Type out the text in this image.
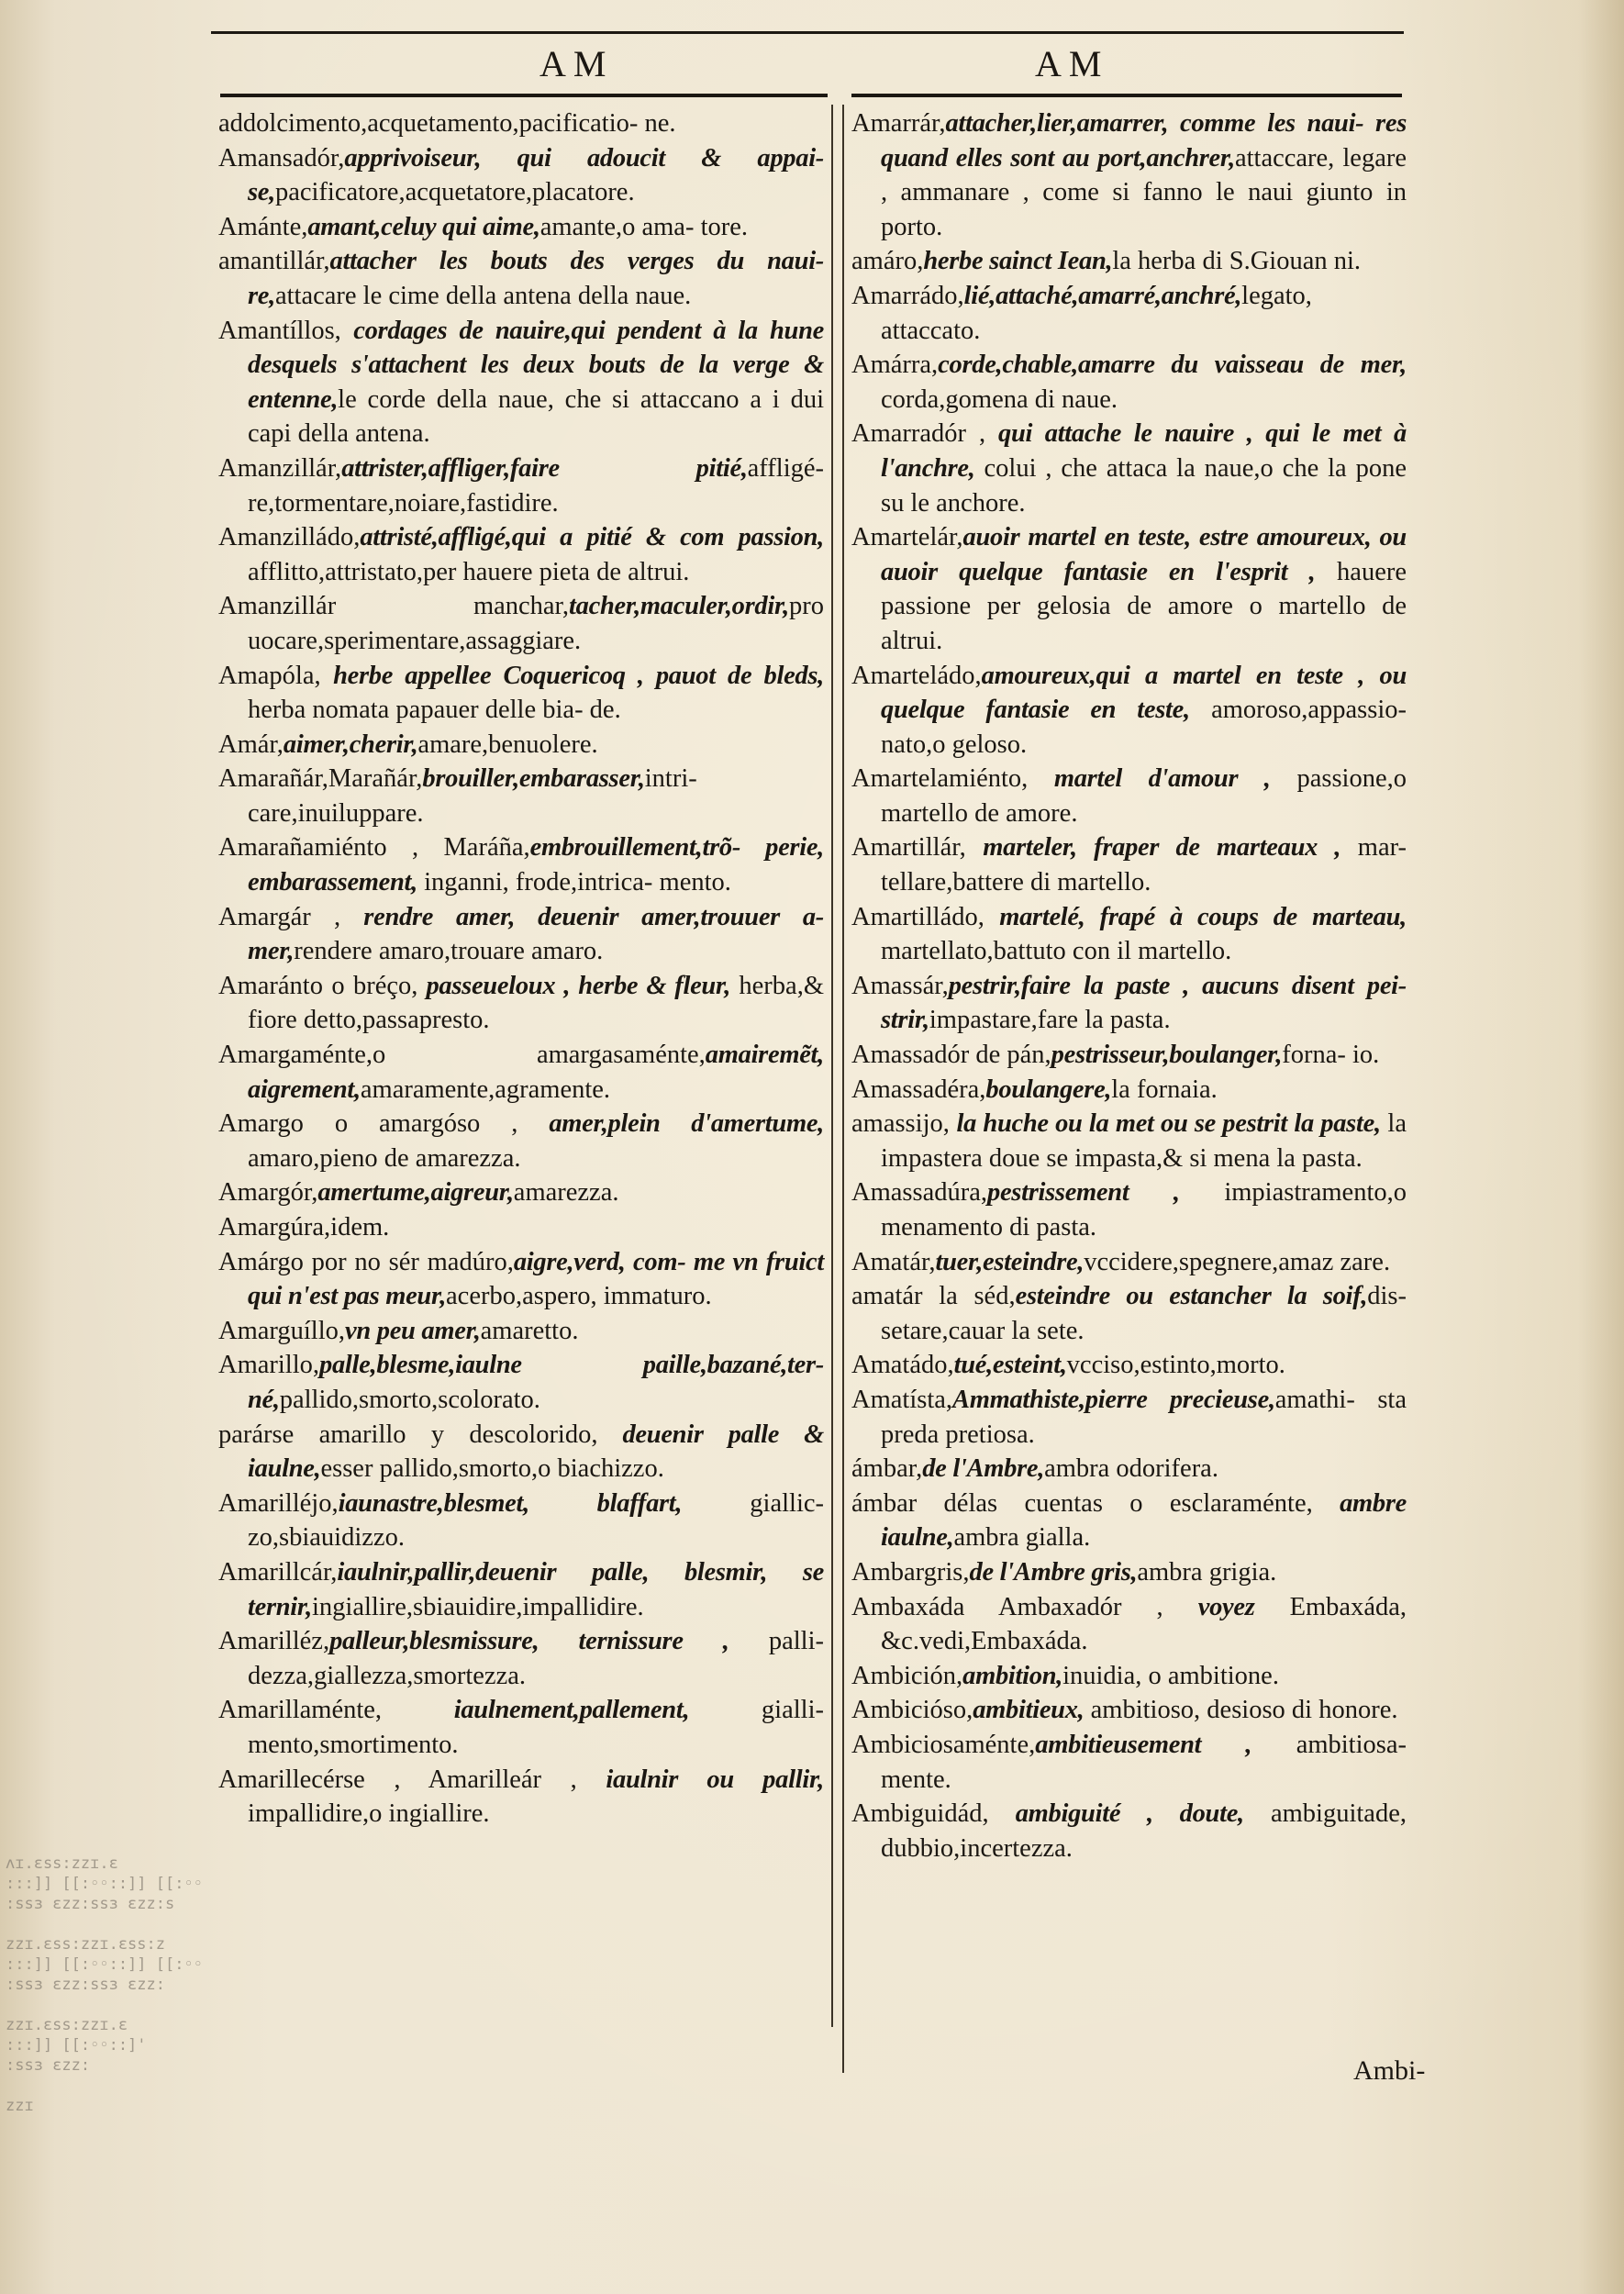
AM	AM

addolcimento,acquetamento,pacificatio- ne.

Amansadór,apprivoiseur, qui adoucit & appai- se,pacificatore,acquetatore,placatore.

Amánte,amant,celuy qui aime,amante,o ama- tore.

amantillár,attacher les bouts des verges du naui- re,attacare le cime della antena della naue.

Amantíllos, cordages de nauire,qui pendent à la hune desquels s'attachent les deux bouts de la verge & entenne,le corde della naue, che si attaccano a i dui capi della antena.

Amanzillár,attrister,affliger,faire pitié,affligé- re,tormentare,noiare,fastidire.

Amanzilládo,attristé,affligé,qui a pitié & com passion, afflitto,attristato,per hauere pieta de altrui.

Amanzillár manchar,tacher,maculer,ordir,pro uocare,sperimentare,assaggiare.

Amapóla, herbe appellee Coquericoq , pauot de bleds, herba nomata papauer delle bia- de.

Amár,aimer,cherir,amare,benuolere.

Amarañár,Marañár,brouiller,embarasser,intri- care,inuiluppare.

Amarañamiénto , Maráña,embrouillement,trõ- perie, embarassement, inganni, frode,intrica- mento.

Amargár , rendre amer, deuenir amer,trouuer a- mer,rendere amaro,trouare amaro.

Amaránto o bréço, passeueloux , herbe & fleur, herba,& fiore detto,passapresto.

Amargaménte,o amargasaménte,amairemẽt, aigrement,amaramente,agramente.

Amargo o amargóso , amer,plein d'amertume, amaro,pieno de amarezza.

Amargór,amertume,aigreur,amarezza.

Amargúra,idem.

Amárgo por no sér madúro,aigre,verd, com- me vn fruict qui n'est pas meur,acerbo,aspero, immaturo.

Amarguíllo,vn peu amer,amaretto.

Amarillo,palle,blesme,iaulne paille,bazané,ter- né,pallido,smorto,scolorato.

parárse amarillo y descolorido, deuenir palle & iaulne,esser pallido,smorto,o biachizzo.

Amarilléjo,iaunastre,blesmet, blaffart, giallic- zo,sbiauidizzo.

Amarillcár,iaulnir,pallir,deuenir palle, blesmir, se ternir,ingiallire,sbiauidire,impallidire.

Amarilléz,palleur,blesmissure, ternissure , palli- dezza,giallezza,smortezza.

Amarillaménte, iaulnement,pallement, gialli- mento,smortimento.

Amarillecérse , Amarilleár , iaulnir ou pallir, impallidire,o ingiallire.

Amarrár,attacher,lier,amarrer, comme les naui- res quand elles sont au port,anchrer,attaccare, legare , ammanare , come si fanno le naui giunto in porto.

amáro,herbe sainct Iean,la herba di S.Giouan ni.

Amarrádo,lié,attaché,amarré,anchré,legato, attaccato.

Amárra,corde,chable,amarre du vaisseau de mer, corda,gomena di naue.

Amarradór , qui attache le nauire , qui le met à l'anchre, colui , che attaca la naue,o che la pone su le anchore.

Amartelár,auoir martel en teste, estre amoureux, ou auoir quelque fantasie en l'esprit , hauere passione per gelosia de amore o martello de altrui.

Amarteládo,amoureux,qui a martel en teste , ou quelque fantasie en teste, amoroso,appassio- nato,o geloso.

Amartelamiénto, martel d'amour , passione,o martello de amore.

Amartillár, marteler, fraper de marteaux , mar- tellare,battere di martello.

Amartilládo, martelé, frapé à coups de marteau, martellato,battuto con il martello.

Amassár,pestrir,faire la paste , aucuns disent pei- strir,impastare,fare la pasta.

Amassadór de pán,pestrisseur,boulanger,forna- io.

Amassadéra,boulangere,la fornaia.

amassijo, la huche ou la met ou se pestrit la paste, la impastera doue se impasta,& si mena la pasta.

Amassadúra,pestrissement , impiastramento,o menamento di pasta.

Amatár,tuer,esteindre,vccidere,spegnere,amaz zare.

amatár la séd,esteindre ou estancher la soif,dis- setare,cauar la sete.

Amatádo,tué,esteint,vcciso,estinto,morto.

Amatísta,Ammathiste,pierre precieuse,amathi- sta preda pretiosa.

ámbar,de l'Ambre,ambra odorifera.

ámbar délas cuentas o esclaraménte, ambre iaulne,ambra gialla.

Ambargris,de l'Ambre gris,ambra grigia.

Ambaxáda Ambaxadór , voyez Embaxáda, &c.vedi,Embaxáda.

Ambición,ambition,inuidia, o ambitione.

Ambicióso,ambitieux, ambitioso, desioso di honore.

Ambiciosaménte,ambitieusement , ambitiosa- mente.

Ambiguidád, ambiguité , doute, ambiguitade, dubbio,incertezza.

Ambi-
ʌɪ.ɛss:zzɪ.ɛ
:::]] [[:◦◦::]] [[:◦◦
:ssɜ ɛzz:ssɜ ɛzz:s

zzɪ.ɛss:zzɪ.ɛss:z
:::]] [[:◦◦::]] [[:◦◦
:ssɜ ɛzz:ssɜ ɛzz:

zzɪ.ɛss:zzɪ.ɛ
:::]] [[:◦◦::]'
:ssɜ ɛzz:

zzɪ
